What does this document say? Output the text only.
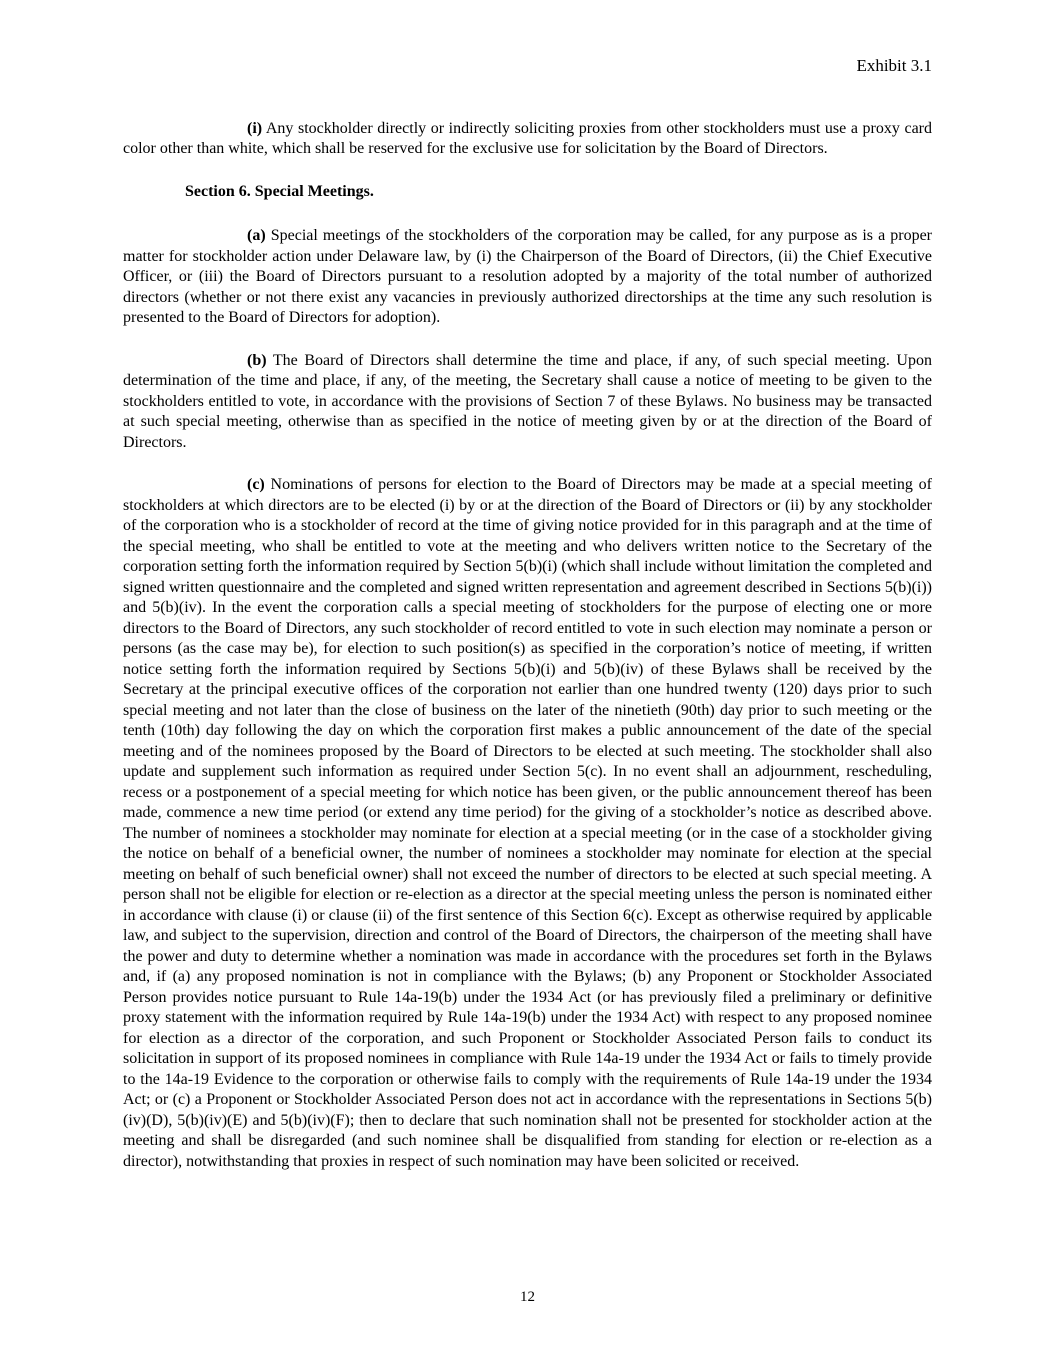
Exhibit 3.1

(i) Any stockholder directly or indirectly soliciting proxies from other stockholders must use a proxy card color other than white, which shall be reserved for the exclusive use for solicitation by the Board of Directors.

Section 6. Special Meetings.

(a) Special meetings of the stockholders of the corporation may be called, for any purpose as is a proper matter for stockholder action under Delaware law, by (i) the Chairperson of the Board of Directors, (ii) the Chief Executive Officer, or (iii) the Board of Directors pursuant to a resolution adopted by a majority of the total number of authorized directors (whether or not there exist any vacancies in previously authorized directorships at the time any such resolution is presented to the Board of Directors for adoption).

(b) The Board of Directors shall determine the time and place, if any, of such special meeting. Upon determination of the time and place, if any, of the meeting, the Secretary shall cause a notice of meeting to be given to the stockholders entitled to vote, in accordance with the provisions of Section 7 of these Bylaws. No business may be transacted at such special meeting, otherwise than as specified in the notice of meeting given by or at the direction of the Board of Directors.

(c) Nominations of persons for election to the Board of Directors may be made at a special meeting of stockholders at which directors are to be elected (i) by or at the direction of the Board of Directors or (ii) by any stockholder of the corporation who is a stockholder of record at the time of giving notice provided for in this paragraph and at the time of the special meeting, who shall be entitled to vote at the meeting and who delivers written notice to the Secretary of the corporation setting forth the information required by Section 5(b)(i) (which shall include without limitation the completed and signed written questionnaire and the completed and signed written representation and agreement described in Sections 5(b)(i)) and 5(b)(iv). In the event the corporation calls a special meeting of stockholders for the purpose of electing one or more directors to the Board of Directors, any such stockholder of record entitled to vote in such election may nominate a person or persons (as the case may be), for election to such position(s) as specified in the corporation’s notice of meeting, if written notice setting forth the information required by Sections 5(b)(i) and 5(b)(iv) of these Bylaws shall be received by the Secretary at the principal executive offices of the corporation not earlier than one hundred twenty (120) days prior to such special meeting and not later than the close of business on the later of the ninetieth (90th) day prior to such meeting or the tenth (10th) day following the day on which the corporation first makes a public announcement of the date of the special meeting and of the nominees proposed by the Board of Directors to be elected at such meeting. The stockholder shall also update and supplement such information as required under Section 5(c). In no event shall an adjournment, rescheduling, recess or a postponement of a special meeting for which notice has been given, or the public announcement thereof has been made, commence a new time period (or extend any time period) for the giving of a stockholder’s notice as described above. The number of nominees a stockholder may nominate for election at a special meeting (or in the case of a stockholder giving the notice on behalf of a beneficial owner, the number of nominees a stockholder may nominate for election at the special meeting on behalf of such beneficial owner) shall not exceed the number of directors to be elected at such special meeting. A person shall not be eligible for election or re-election as a director at the special meeting unless the person is nominated either in accordance with clause (i) or clause (ii) of the first sentence of this Section 6(c). Except as otherwise required by applicable law, and subject to the supervision, direction and control of the Board of Directors, the chairperson of the meeting shall have the power and duty to determine whether a nomination was made in accordance with the procedures set forth in the Bylaws and, if (a) any proposed nomination is not in compliance with the Bylaws; (b) any Proponent or Stockholder Associated Person provides notice pursuant to Rule 14a-19(b) under the 1934 Act (or has previously filed a preliminary or definitive proxy statement with the information required by Rule 14a-19(b) under the 1934 Act) with respect to any proposed nominee for election as a director of the corporation, and such Proponent or Stockholder Associated Person fails to conduct its solicitation in support of its proposed nominees in compliance with Rule 14a-19 under the 1934 Act or fails to timely provide to the 14a-19 Evidence to the corporation or otherwise fails to comply with the requirements of Rule 14a-19 under the 1934 Act; or (c) a Proponent or Stockholder Associated Person does not act in accordance with the representations in Sections 5(b)(iv)(D), 5(b)(iv)(E) and 5(b)(iv)(F); then to declare that such nomination shall not be presented for stockholder action at the meeting and shall be disregarded (and such nominee shall be disqualified from standing for election or re-election as a director), notwithstanding that proxies in respect of such nomination may have been solicited or received.

12
